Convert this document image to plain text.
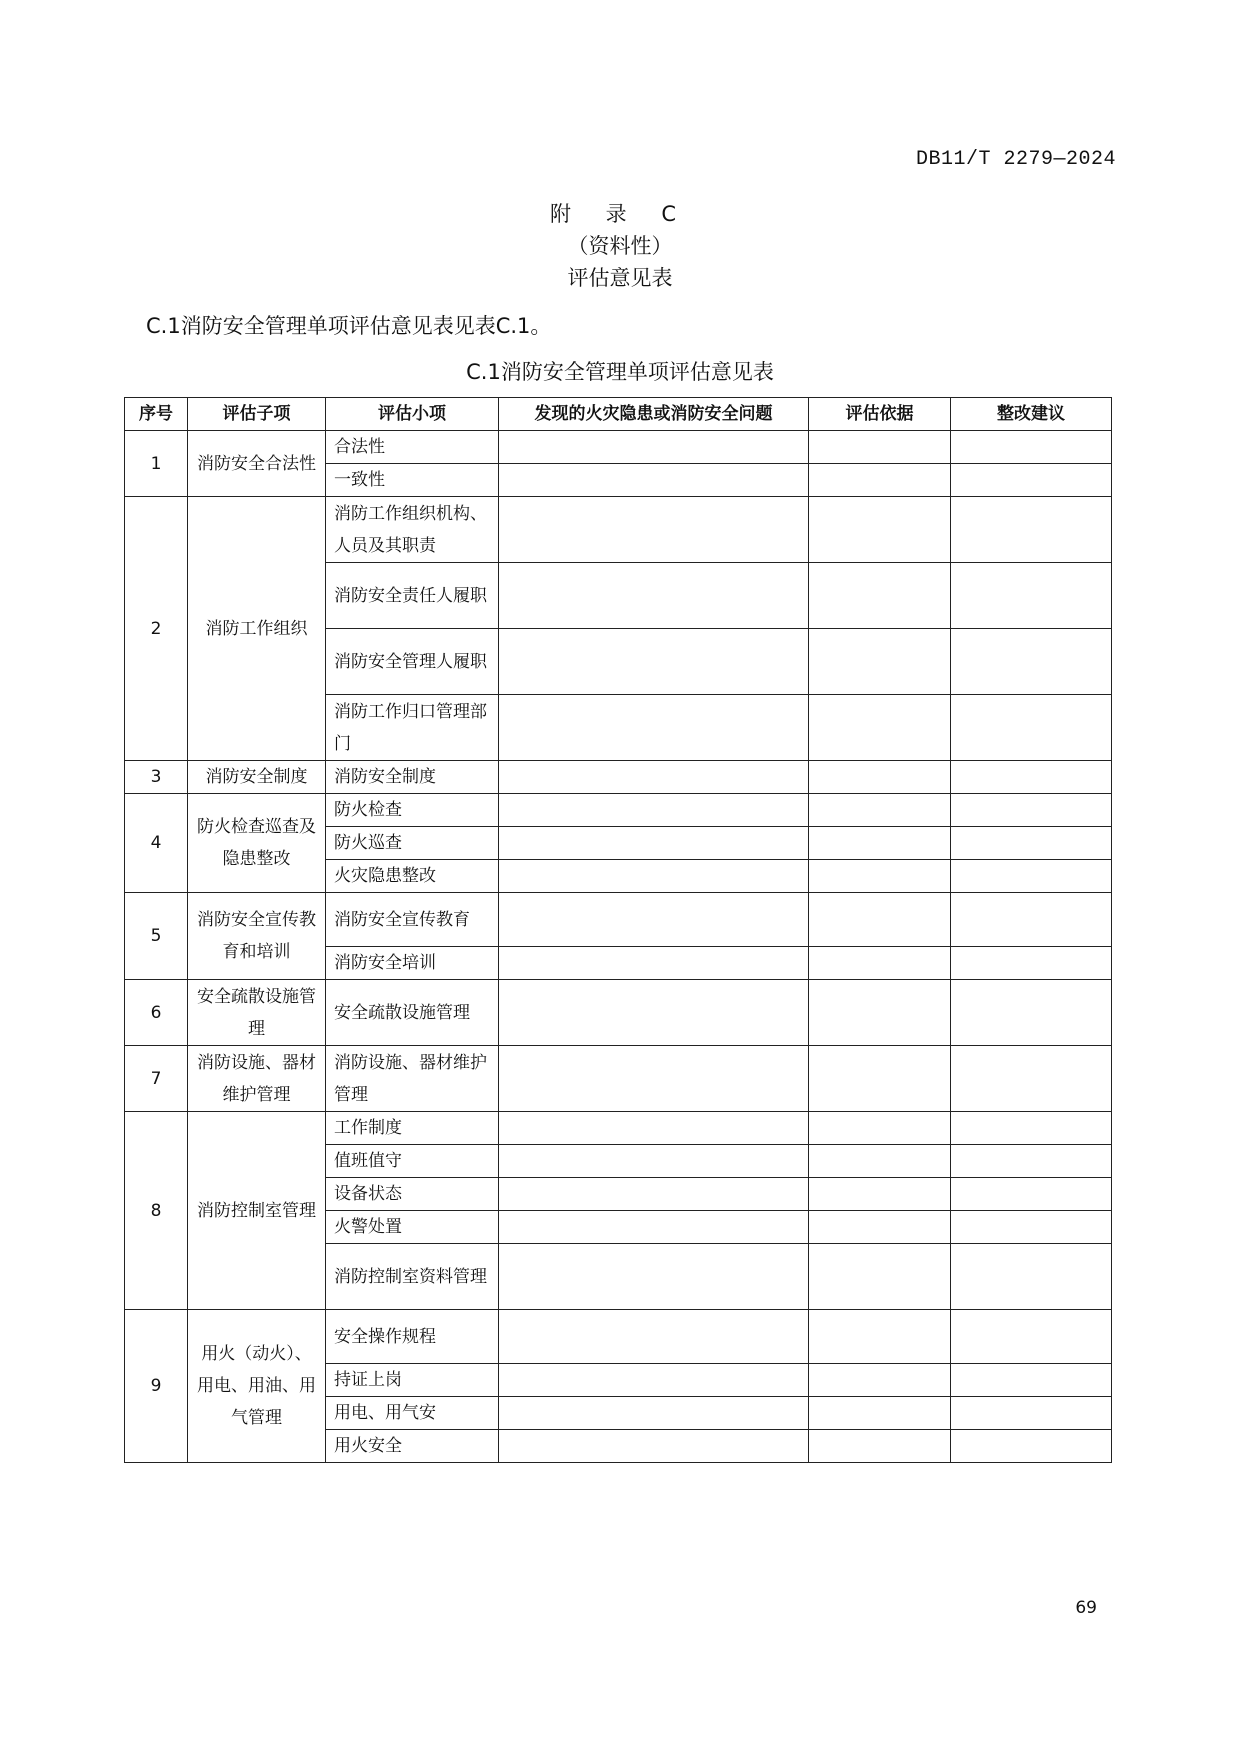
DB11/T 2279—2024
附 录 C
（资料性）
评估意见表
C.1消防安全管理单项评估意见表见表C.1。
C.1消防安全管理单项评估意见表
序号	评估子项	评估小项	发现的火灾隐患或消防安全问题	评估依据	整改建议
1	消防安全合法性	合法性			
		一致性			
2	消防工作组织	消防工作组织机构、人员及其职责			
		消防安全责任人履职			
		消防安全管理人履职			
		消防工作归口管理部门			
3	消防安全制度	消防安全制度			
4	防火检查巡查及隐患整改	防火检查			
		防火巡查			
		火灾隐患整改			
5	消防安全宣传教育和培训	消防安全宣传教育			
		消防安全培训			
6	安全疏散设施管理	安全疏散设施管理			
7	消防设施、器材维护管理	消防设施、器材维护管理			
8	消防控制室管理	工作制度			
		值班值守			
		设备状态			
		火警处置			
		消防控制室资料管理			
9	用火（动火）、用电、用油、用气管理	安全操作规程			
		持证上岗			
		用电、用气安			
		用火安全			
69
